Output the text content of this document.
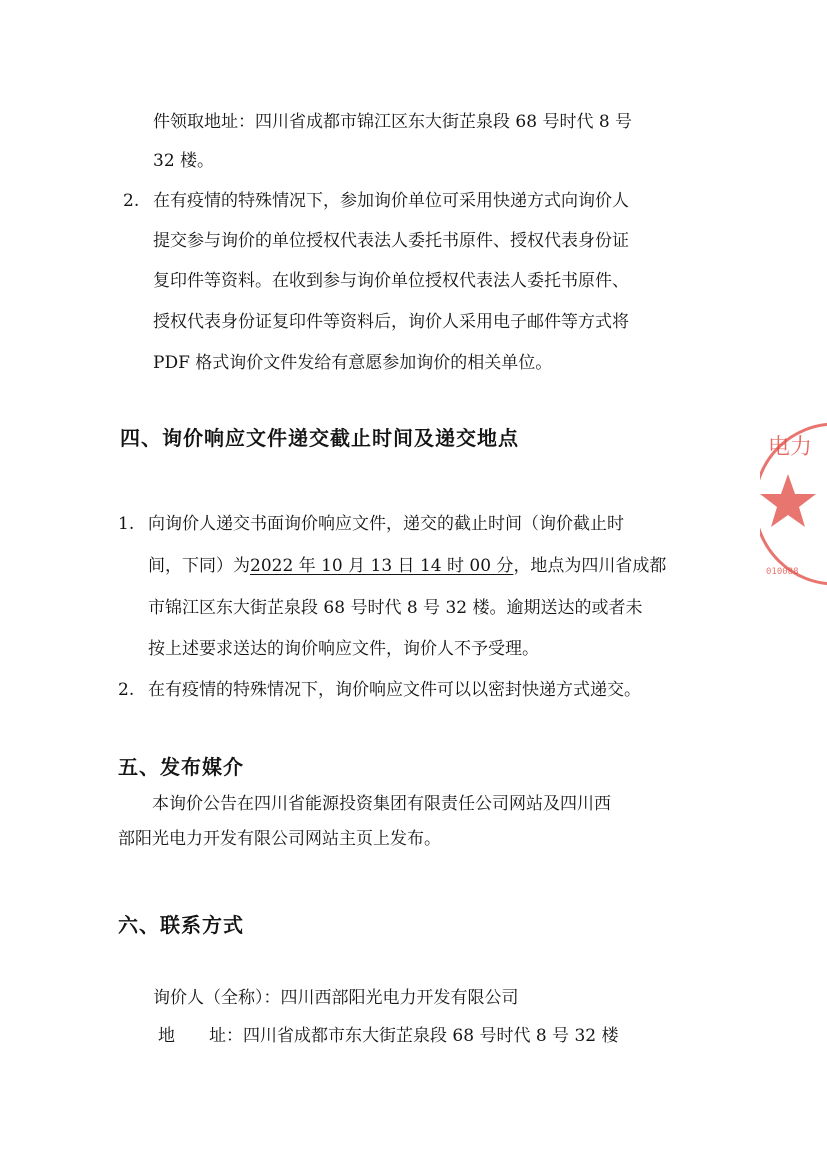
件领取地址：四川省成都市锦江区东大街芷泉段 68 号时代 8 号
32 楼。
2. 在有疫情的特殊情况下，参加询价单位可采用快递方式向询价人
提交参与询价的单位授权代表法人委托书原件、授权代表身份证
复印件等资料。在收到参与询价单位授权代表法人委托书原件、
授权代表身份证复印件等资料后，询价人采用电子邮件等方式将
PDF 格式询价文件发给有意愿参加询价的相关单位。
四、询价响应文件递交截止时间及递交地点
1. 向询价人递交书面询价响应文件，递交的截止时间（询价截止时
间，下同）为2022 年 10 月 13 日 14 时 00 分，地点为四川省成都
市锦江区东大街芷泉段 68 号时代 8 号 32 楼。逾期送达的或者未
按上述要求送达的询价响应文件，询价人不予受理。
2. 在有疫情的特殊情况下，询价响应文件可以以密封快递方式递交。
五、发布媒介
本询价公告在四川省能源投资集团有限责任公司网站及四川西
部阳光电力开发有限公司网站主页上发布。
六、联系方式
询价人（全称）：四川西部阳光电力开发有限公司
地　　址：四川省成都市东大街芷泉段 68 号时代 8 号 32 楼
电力
010088
